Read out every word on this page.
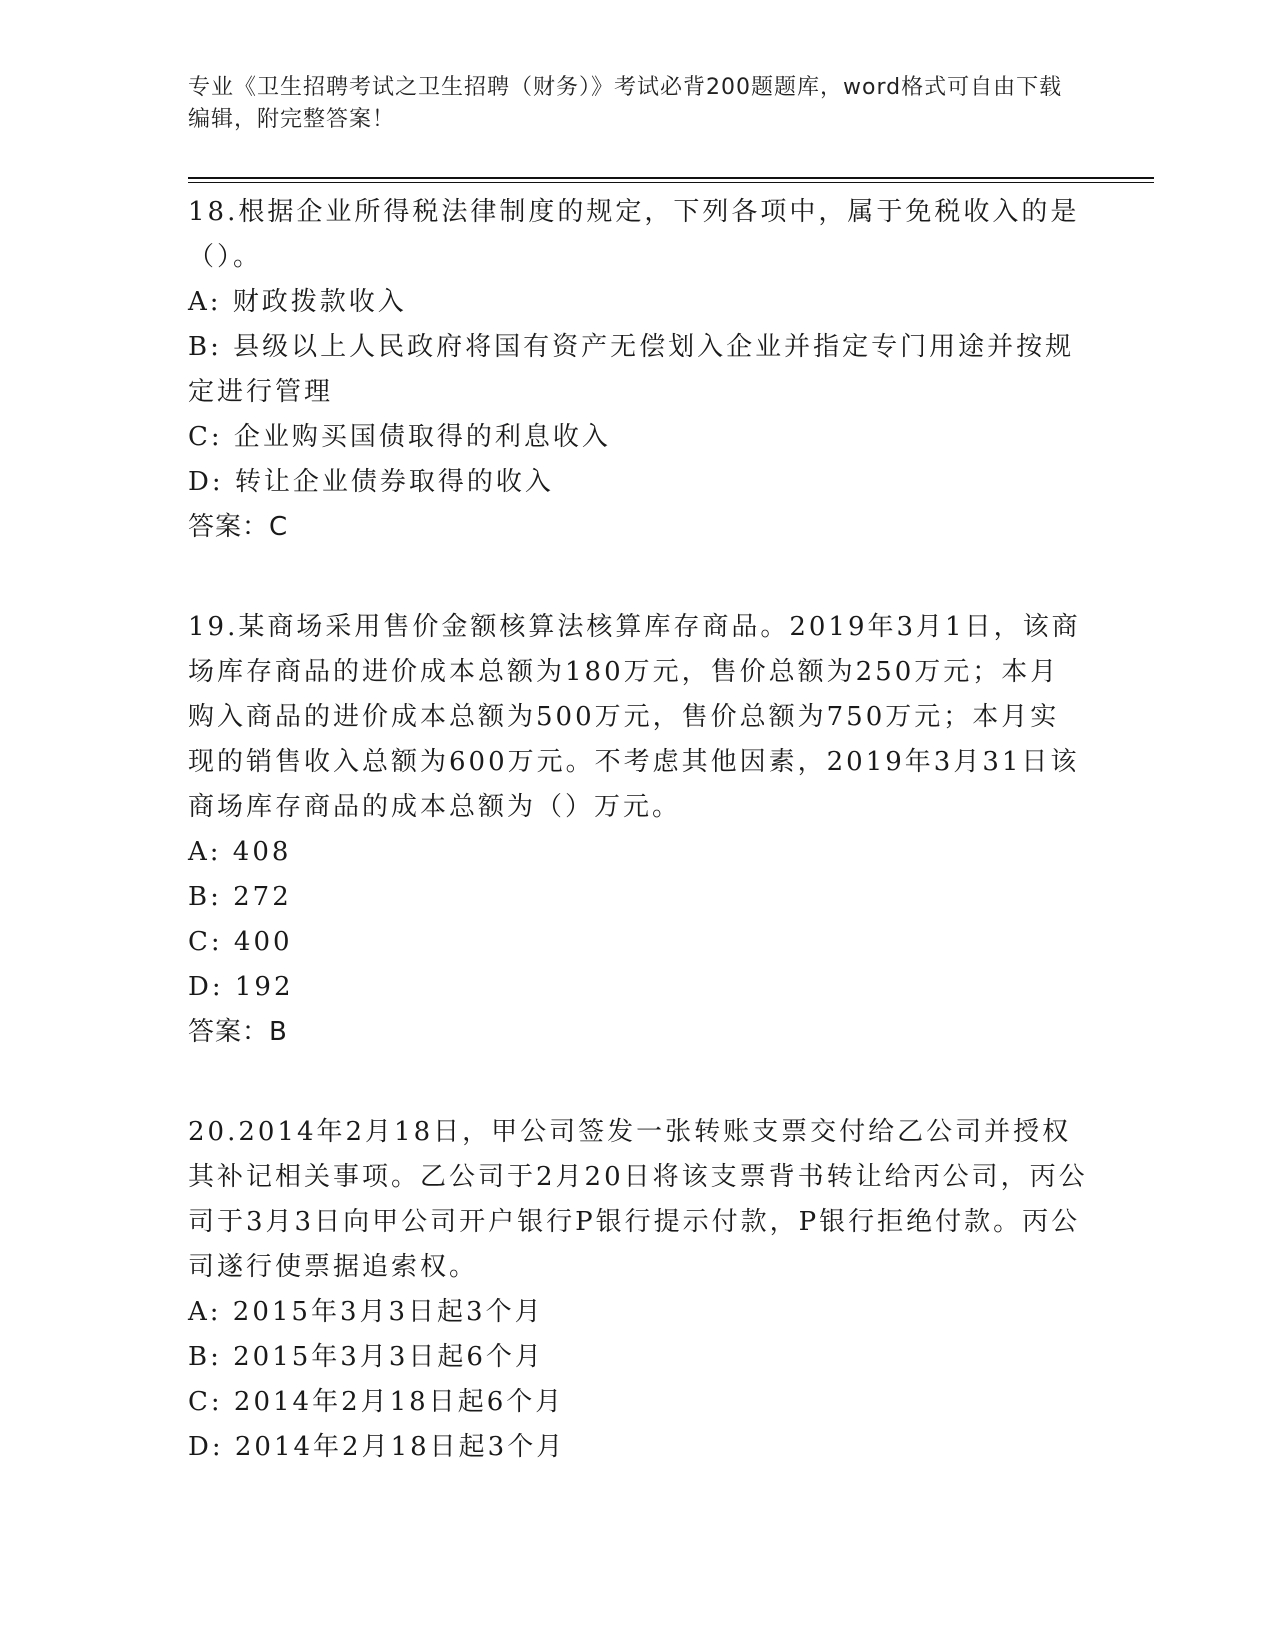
专业《卫生招聘考试之卫生招聘（财务）》考试必背200题题库，word格式可自由下载编辑，附完整答案！

18.根据企业所得税法律制度的规定，下列各项中，属于免税收入的是（）。

A: 财政拨款收入

B: 县级以上人民政府将国有资产无偿划入企业并指定专门用途并按规定进行管理

C: 企业购买国债取得的利息收入

D: 转让企业债券取得的收入

答案：C

19.某商场采用售价金额核算法核算库存商品。2019年3月1日，该商场库存商品的进价成本总额为180万元，售价总额为250万元；本月购入商品的进价成本总额为500万元，售价总额为750万元；本月实现的销售收入总额为600万元。不考虑其他因素，2019年3月31日该商场库存商品的成本总额为（）万元。

A: 408

B: 272

C: 400

D: 192

答案：B

20.2014年2月18日，甲公司签发一张转账支票交付给乙公司并授权其补记相关事项。乙公司于2月20日将该支票背书转让给丙公司，丙公司于3月3日向甲公司开户银行P银行提示付款，P银行拒绝付款。丙公司遂行使票据追索权。

A: 2015年3月3日起3个月

B: 2015年3月3日起6个月

C: 2014年2月18日起6个月

D: 2014年2月18日起3个月
